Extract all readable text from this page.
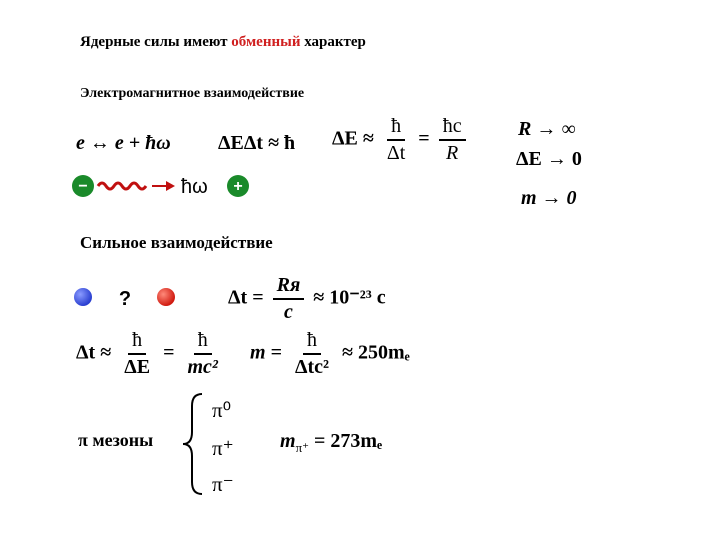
Ядерные силы имеют обменный характер
Электромагнитное взаимодействие
e ↔ e + ħω ΔEΔt ≈ ħ $\Delta E \approx \frac{ħ}{\Delta t} = \frac{ħc}{R}$	R → ∞
ΔE → 0
m → 0
−	ħω +
Сильное взаимодействие
?	$\Delta t = \frac{Rя}{c} \approx 10^{-23}$ с
$\Delta t \approx \frac{ħ}{\Delta E} = \frac{ħ}{\text{mc²}}$ $m = \frac{ħ}{\text{Δtc²}} \approx 250m_e$
π мезоны
π⁰
π⁺
π⁻
$m_{\pi^+} = 273m_e$
